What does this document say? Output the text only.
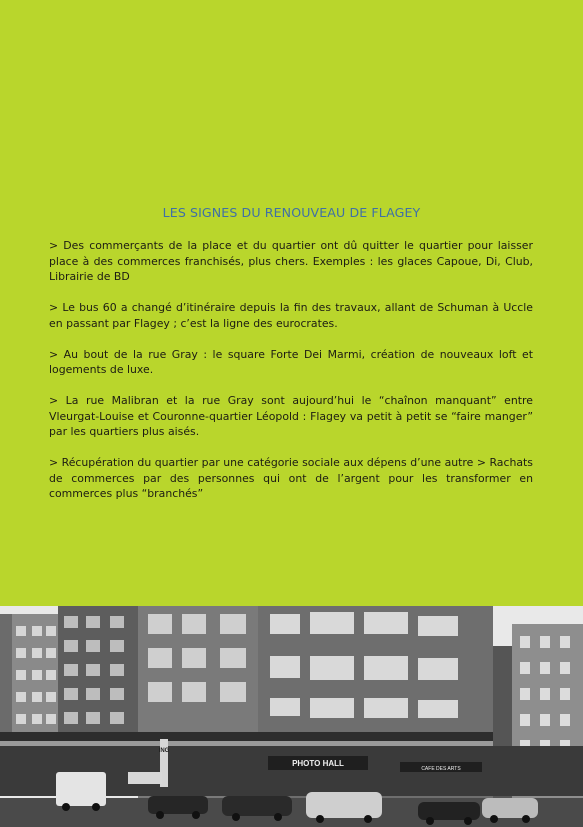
LES SIGNES DU RENOUVEAU DE FLAGEY

> Des commerçants de la place et du quartier ont dû quitter le quartier pour laisser place à des commerces franchisés, plus chers. Exemples : les glaces Capoue, Di, Club, Librairie de BD

> Le bus 60 a changé d’itinéraire depuis la fin des travaux, allant de Schuman à Uccle en passant par Flagey ; c’est la ligne des eurocrates.

> Au bout de la rue Gray : le square Forte Dei Marmi, création de nouveaux loft et logements de luxe.

> La rue Malibran et la rue Gray sont aujourd’hui le “chaînon manquant” entre Vleurgat-Louise et Couronne-quartier Léopold : Flagey va petit à petit se “faire manger” par les quartiers plus aisés.

> Récupération du quartier par une catégorie sociale aux dépens d’une autre > Rachats de commerces par des personnes qui ont de l’argent pour les transformer en commerces plus “branchés”

PHOTO HALL
CAFE DES ARTS
ING
